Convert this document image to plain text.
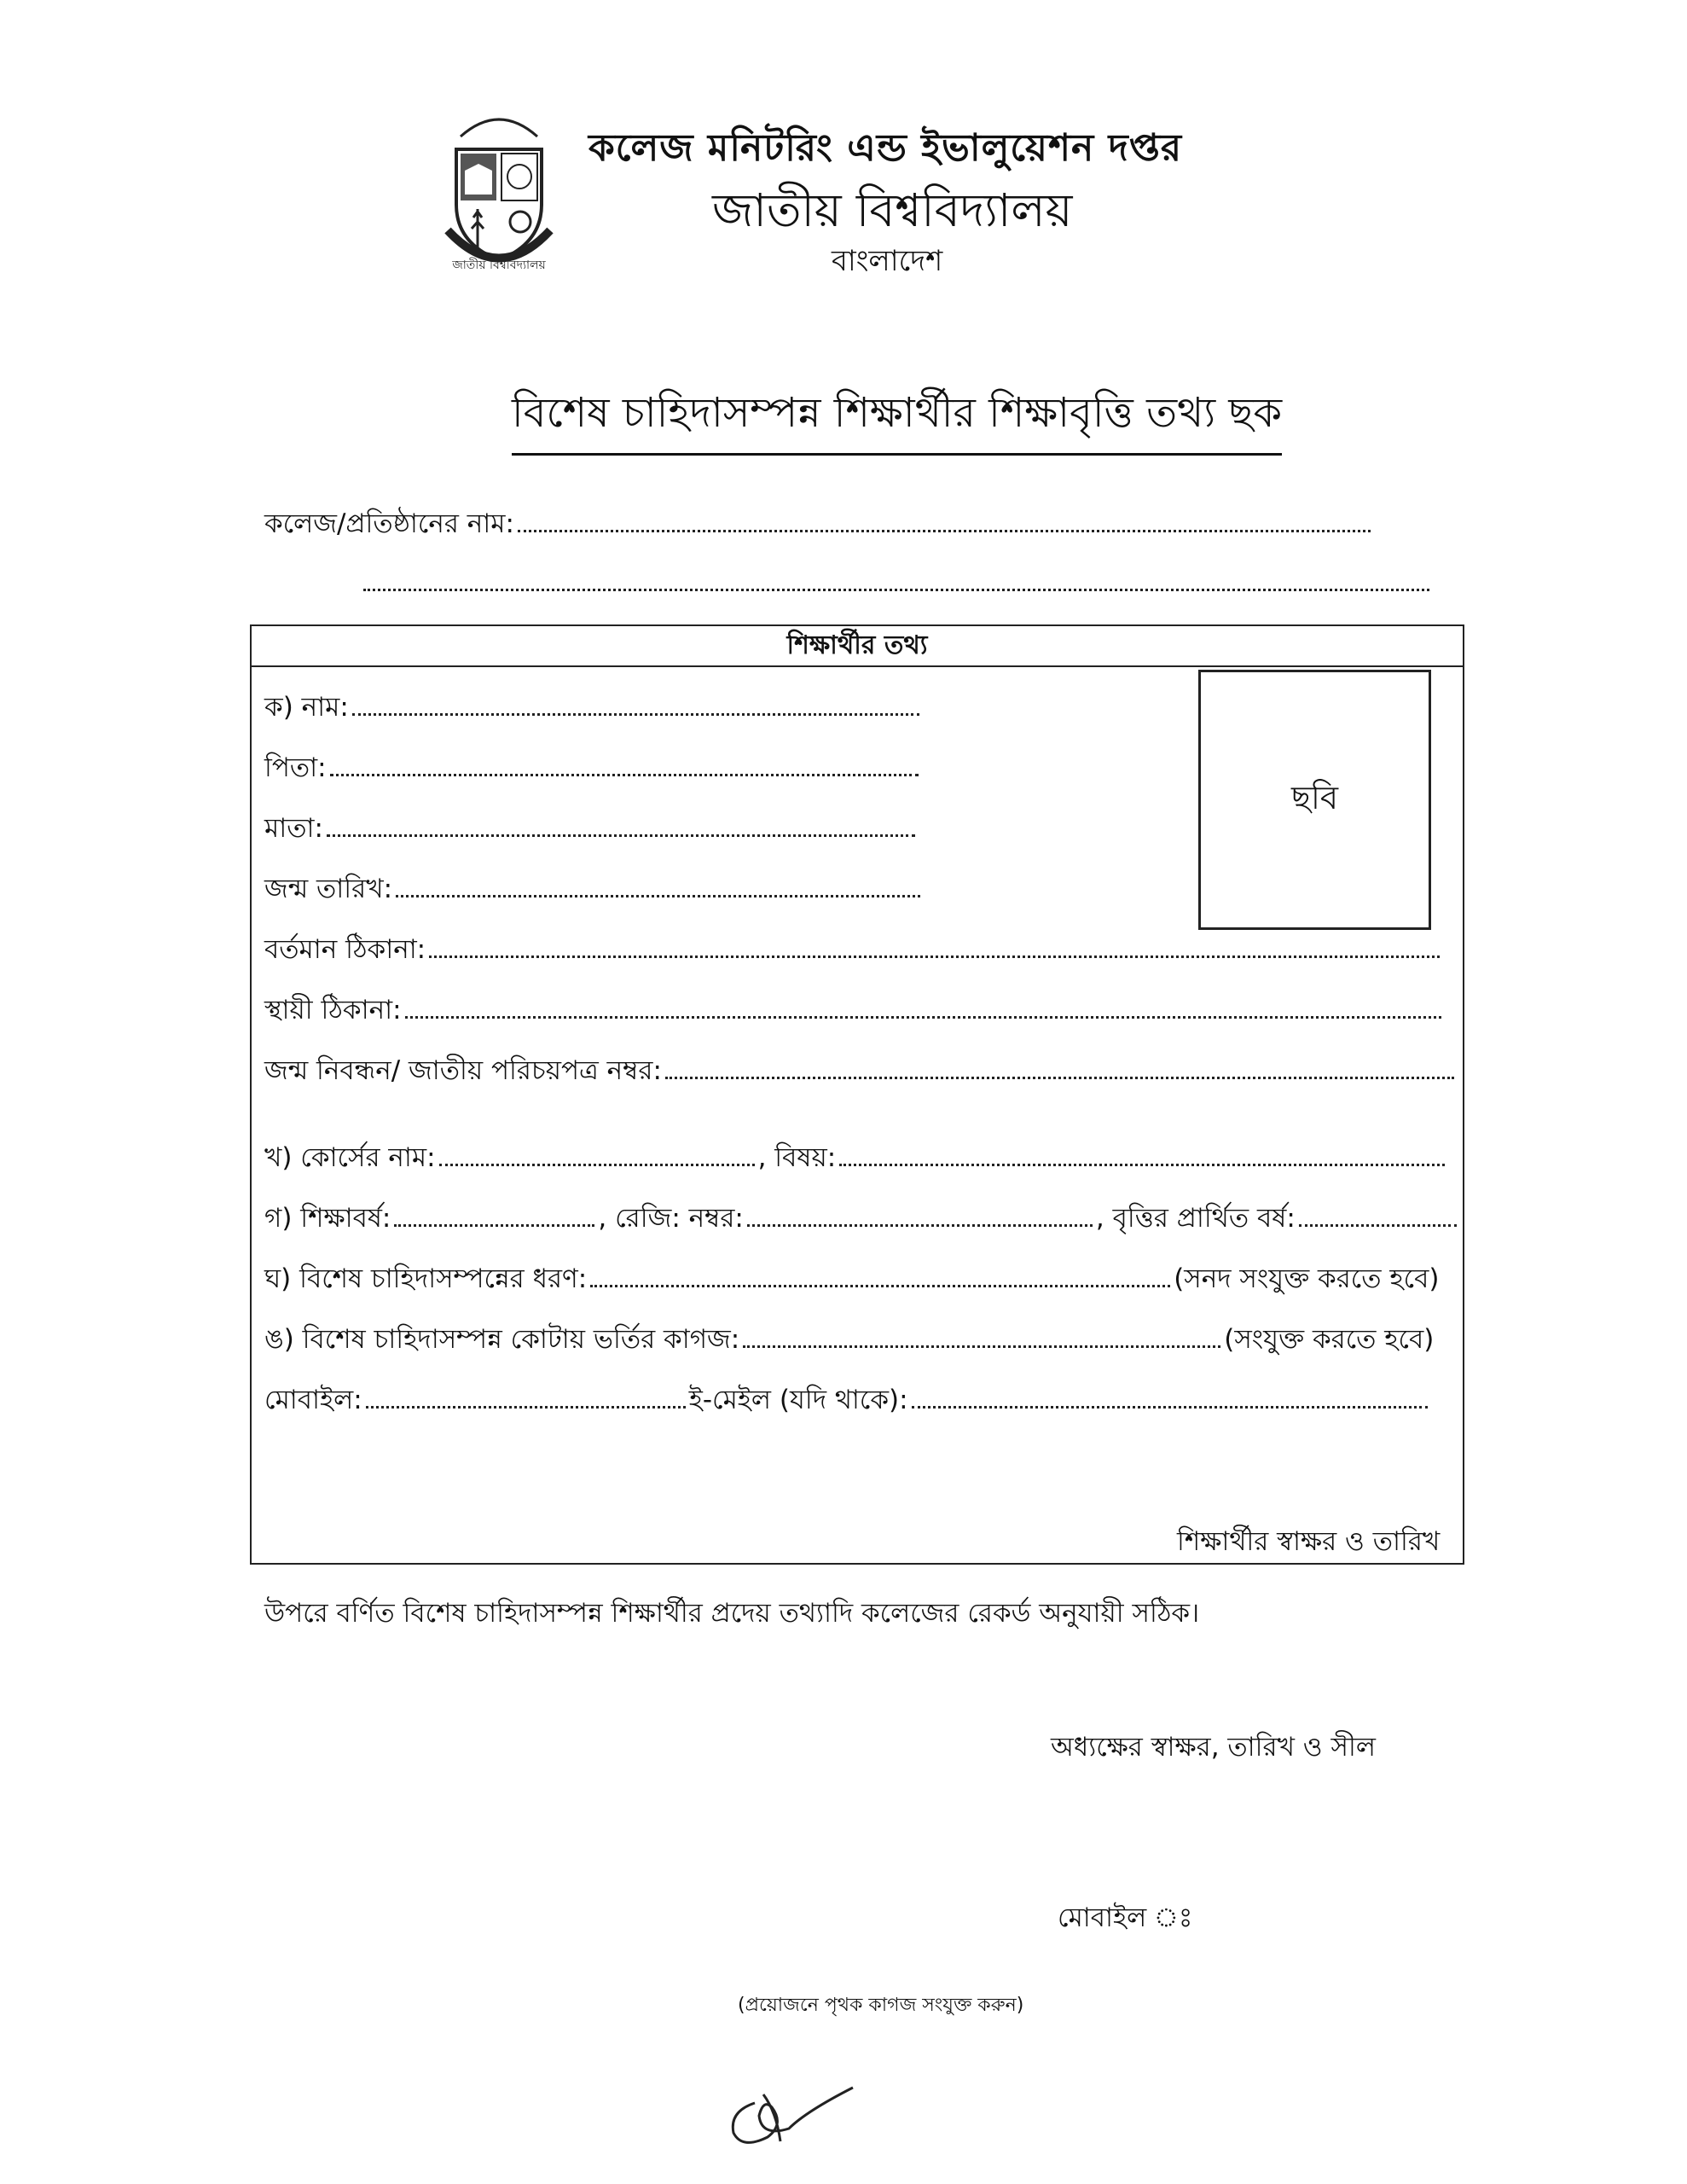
জাতীয় বিশ্ববিদ্যালয়
কলেজ মনিটরিং এন্ড ইভালুয়েশন দপ্তর
জাতীয় বিশ্ববিদ্যালয়
বাংলাদেশ
বিশেষ চাহিদাসম্পন্ন শিক্ষার্থীর শিক্ষাবৃত্তি তথ্য ছক
কলেজ/প্রতিষ্ঠানের নাম:
শিক্ষার্থীর তথ্য
ছবি
ক) নাম:
পিতা:
মাতা:
জন্ম তারিখ:
বর্তমান ঠিকানা:
স্থায়ী ঠিকানা:
জন্ম নিবন্ধন/ জাতীয় পরিচয়পত্র নম্বর:
খ) কোর্সের নাম:	, বিষয়:
গ) শিক্ষাবর্ষ:	, রেজি: নম্বর:	, বৃত্তির প্রার্থিত বর্ষ:
ঘ) বিশেষ চাহিদাসম্পন্নের ধরণ:	(সনদ সংযুক্ত করতে হবে)
ঙ) বিশেষ চাহিদাসম্পন্ন কোটায় ভর্তির কাগজ:	(সংযুক্ত করতে হবে)
মোবাইল:	ই-মেইল (যদি থাকে):
শিক্ষার্থীর স্বাক্ষর ও তারিখ
উপরে বর্ণিত বিশেষ চাহিদাসম্পন্ন শিক্ষার্থীর প্রদেয় তথ্যাদি কলেজের রেকর্ড অনুযায়ী সঠিক।
অধ্যক্ষের স্বাক্ষর, তারিখ ও সীল
মোবাইল ঃ
(প্রয়োজনে পৃথক কাগজ সংযুক্ত করুন)
